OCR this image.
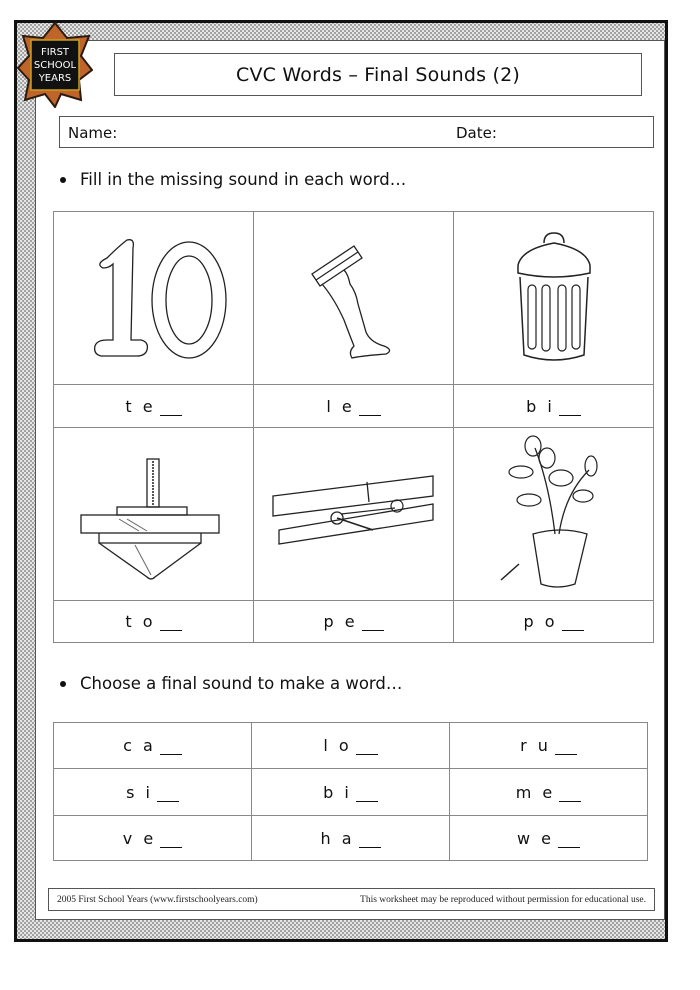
FIRST
SCHOOL
YEARS	CVC Words – Final Sounds (2)
Name:	Date:
Fill in the missing sound in each word…
t e	l e	b i
t o	p e	p o
Choose a final sound to make a word…
c a	l o	r u
s i	b i	m e
v e	h a	w e
2005 First School Years (www.firstschoolyears.com)	This worksheet may be reproduced without permission for educational use.
